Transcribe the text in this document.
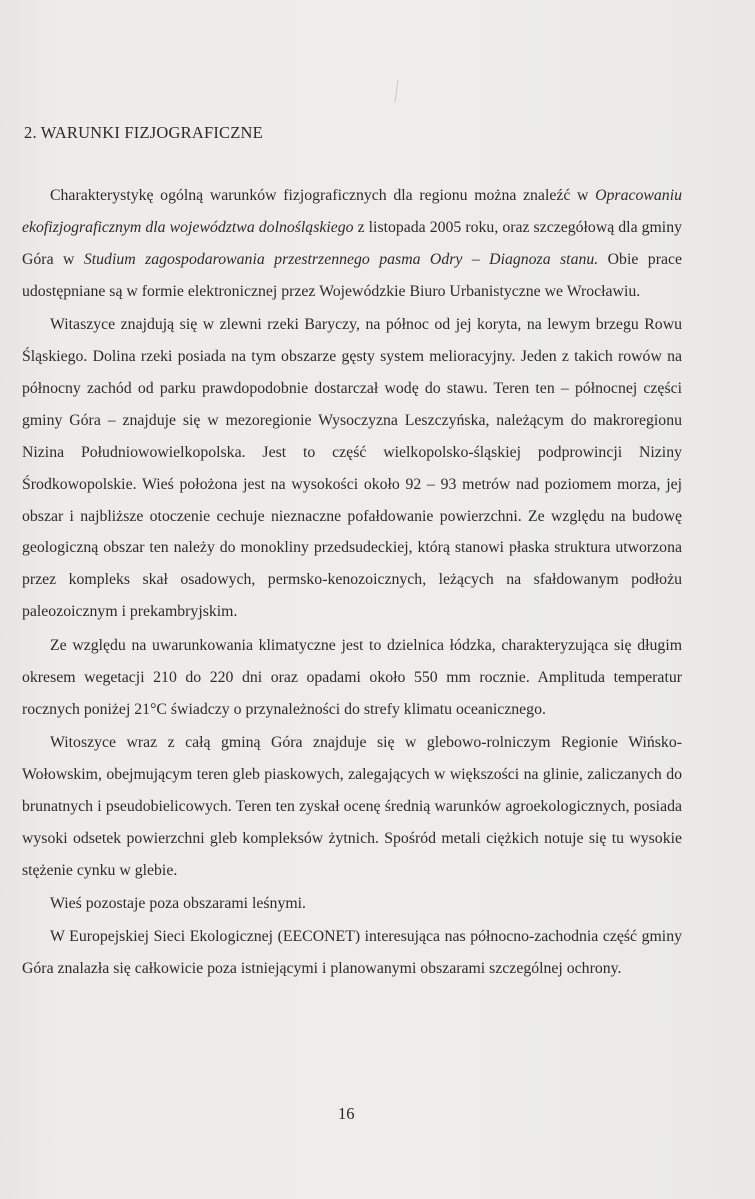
2. WARUNKI FIZJOGRAFICZNE

Charakterystykę ogólną warunków fizjograficznych dla regionu można znaleźć w Opracowaniu ekofizjograficznym dla województwa dolnośląskiego z listopada 2005 roku, oraz szczegółową dla gminy Góra w Studium zagospodarowania przestrzennego pasma Odry – Diagnoza stanu. Obie prace udostępniane są w formie elektronicznej przez Wojewódzkie Biuro Urbanistyczne we Wrocławiu.

Witaszyce znajdują się w zlewni rzeki Baryczy, na północ od jej koryta, na lewym brzegu Rowu Śląskiego. Dolina rzeki posiada na tym obszarze gęsty system melioracyjny. Jeden z takich rowów na północny zachód od parku prawdopodobnie dostarczał wodę do stawu. Teren ten – północnej części gminy Góra – znajduje się w mezoregionie Wysoczyzna Leszczyńska, należącym do makroregionu Nizina Południowowielkopolska. Jest to część wielkopolsko-śląskiej podprowincji Niziny Środkowopolskie. Wieś położona jest na wysokości około 92 – 93 metrów nad poziomem morza, jej obszar i najbliższe otoczenie cechuje nieznaczne pofałdowanie powierzchni. Ze względu na budowę geologiczną obszar ten należy do monokliny przedsudeckiej, którą stanowi płaska struktura utworzona przez kompleks skał osadowych, permsko-kenozoicznych, leżących na sfałdowanym podłożu paleozoicznym i prekambryjskim.

Ze względu na uwarunkowania klimatyczne jest to dzielnica łódzka, charakteryzująca się długim okresem wegetacji 210 do 220 dni oraz opadami około 550 mm rocznie. Amplituda temperatur rocznych poniżej 21°C świadczy o przynależności do strefy klimatu oceanicznego.

Witoszyce wraz z całą gminą Góra znajduje się w glebowo-rolniczym Regionie Wińsko-Wołowskim, obejmującym teren gleb piaskowych, zalegających w większości na glinie, zaliczanych do brunatnych i pseudobielicowych. Teren ten zyskał ocenę średnią warunków agroekologicznych, posiada wysoki odsetek powierzchni gleb kompleksów żytnich. Spośród metali ciężkich notuje się tu wysokie stężenie cynku w glebie.

Wieś pozostaje poza obszarami leśnymi.

W Europejskiej Sieci Ekologicznej (EECONET) interesująca nas północno-zachodnia część gminy Góra znalazła się całkowicie poza istniejącymi i planowanymi obszarami szczególnej ochrony.

16
